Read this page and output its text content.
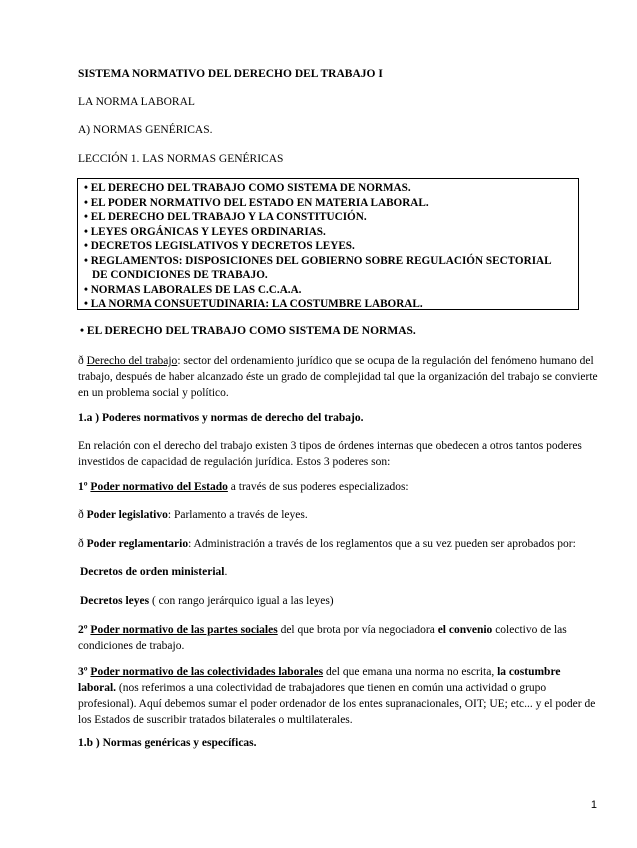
SISTEMA NORMATIVO DEL DERECHO DEL TRABAJO I
LA NORMA LABORAL
A) NORMAS GENÉRICAS.
LECCIÓN 1. LAS NORMAS GENÉRICAS
• EL DERECHO DEL TRABAJO COMO SISTEMA DE NORMAS.
• EL PODER NORMATIVO DEL ESTADO EN MATERIA LABORAL.
• EL DERECHO DEL TRABAJO Y LA CONSTITUCIÓN.
• LEYES ORGÁNICAS Y LEYES ORDINARIAS.
• DECRETOS LEGISLATIVOS Y DECRETOS LEYES.
• REGLAMENTOS: DISPOSICIONES DEL GOBIERNO SOBRE REGULACIÓN SECTORIAL
DE CONDICIONES DE TRABAJO.
• NORMAS LABORALES DE LAS C.C.A.A.
• LA NORMA CONSUETUDINARIA: LA COSTUMBRE LABORAL.
• EL DERECHO DEL TRABAJO COMO SISTEMA DE NORMAS.
ð Derecho del trabajo: sector del ordenamiento jurídico que se ocupa de la regulación del fenómeno humano del trabajo, después de haber alcanzado éste un grado de complejidad tal que la organización del trabajo se convierte en un problema social y político.
1.a ) Poderes normativos y normas de derecho del trabajo.
En relación con el derecho del trabajo existen 3 tipos de órdenes internas que obedecen a otros tantos poderes investidos de capacidad de regulación jurídica. Estos 3 poderes son:
1º Poder normativo del Estado a través de sus poderes especializados:
ð Poder legislativo: Parlamento a través de leyes.
ð Poder reglamentario: Administración a través de los reglamentos que a su vez pueden ser aprobados por:
Decretos de orden ministerial.
Decretos leyes ( con rango jerárquico igual a las leyes)
2º Poder normativo de las partes sociales del que brota por vía negociadora el convenio colectivo de las condiciones de trabajo.
3º Poder normativo de las colectividades laborales del que emana una norma no escrita, la costumbre laboral. (nos referimos a una colectividad de trabajadores que tienen en común una actividad o grupo profesional). Aquí debemos sumar el poder ordenador de los entes supranacionales, OIT; UE; etc... y el poder de los Estados de suscribir tratados bilaterales o multilaterales.
1.b ) Normas genéricas y específicas.
1
